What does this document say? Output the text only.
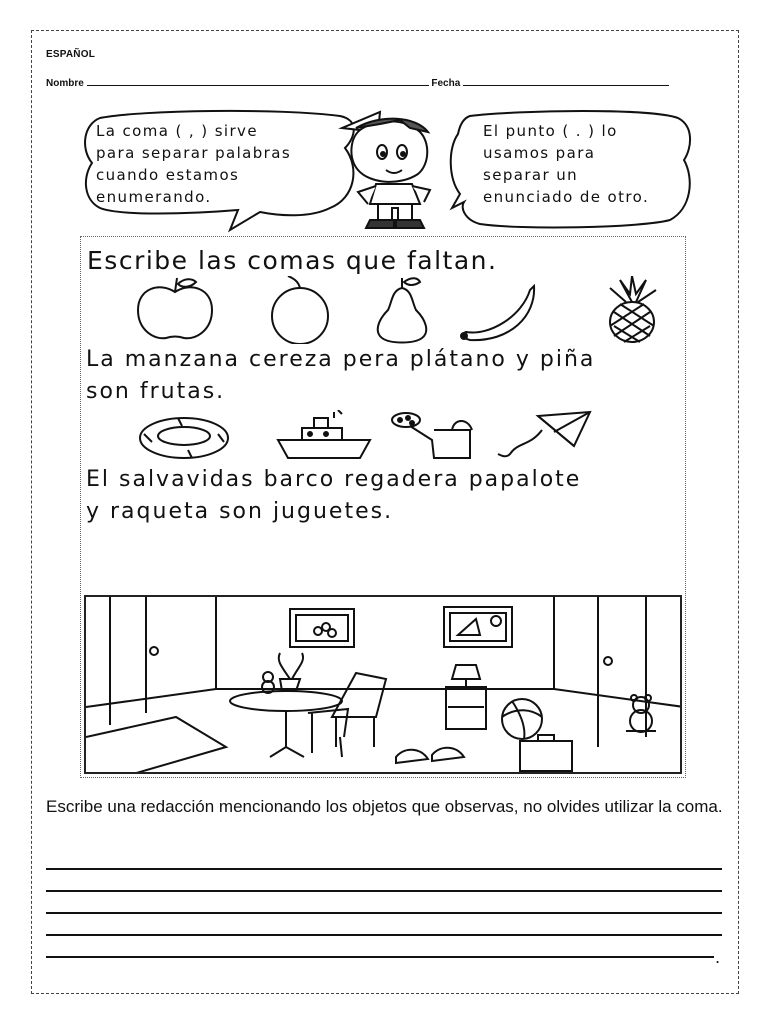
ESPAÑOL
Nombre	Fecha
La coma ( , ) sirve
para separar palabras
cuando estamos
enumerando.
El punto ( . ) lo
usamos para
separar un
enunciado de otro.
Escribe las comas que faltan.
La manzana cereza pera plátano y piña
son frutas.
El salvavidas barco regadera papalote
y raqueta son juguetes.
Escribe una redacción mencionando los objetos que observas, no olvides utilizar la coma.
.
